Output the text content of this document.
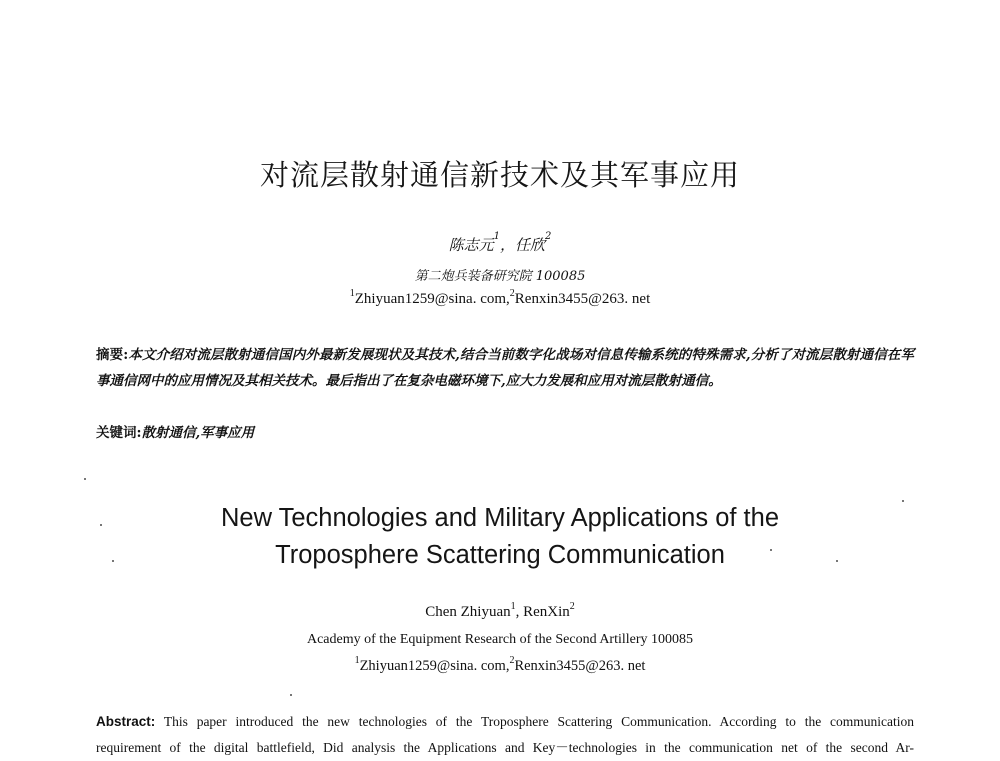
对流层散射通信新技术及其军事应用
陈志元$^1$，任欣$^2$
第二炮兵装备研究院 100085
$^1$Zhiyuan1259@sina. com,$^2$Renxin3455@263. net
摘要:本文介绍对流层散射通信国内外最新发展现状及其技术,结合当前数字化战场对信息传输系统的特殊需求,分析了对流层散射通信在军事通信网中的应用情况及其相关技术。最后指出了在复杂电磁环境下,应大力发展和应用对流层散射通信。
关键词:散射通信,军事应用
New Technologies and Military Applications of the
Troposphere Scattering Communication
Chen Zhiyuan$^1$, RenXin$^2$
Academy of the Equipment Research of the Second Artillery 100085
$^1$Zhiyuan1259@sina. com,$^2$Renxin3455@263. net
Abstract: This paper introduced the new technologies of the Troposphere Scattering Communication. According to the communication
requirement of the digital battlefield, Did analysis the Applications and Key－technologies in the communication net of the second Ar-
